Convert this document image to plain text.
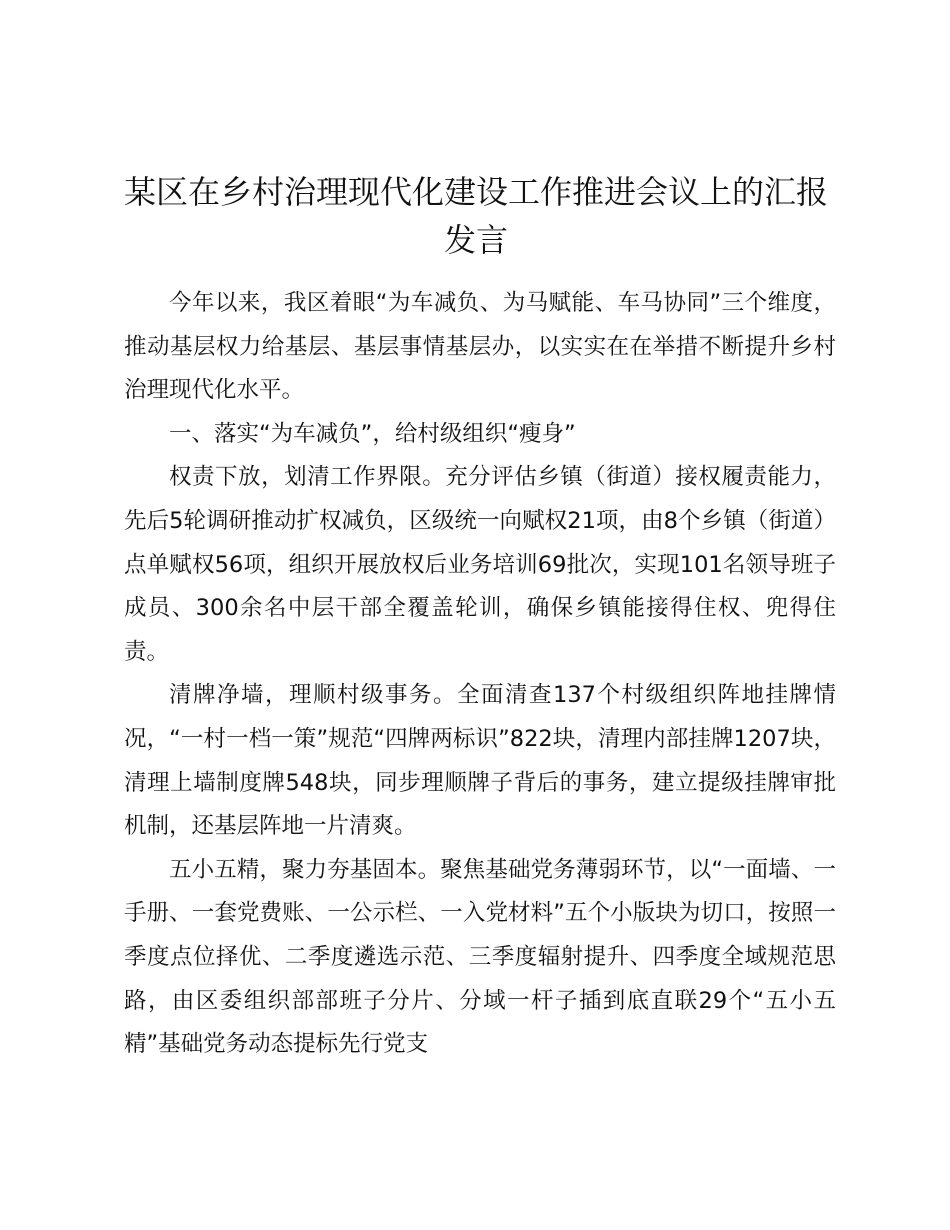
某区在乡村治理现代化建设工作推进会议上的汇报发言

今年以来，我区着眼“为车减负、为马赋能、车马协同”三个维度，推动基层权力给基层、基层事情基层办，以实实在在举措不断提升乡村治理现代化水平。

一、落实“为车减负”，给村级组织“瘦身”

权责下放，划清工作界限。充分评估乡镇（街道）接权履责能力，先后5轮调研推动扩权减负，区级统一向赋权21项，由8个乡镇（街道）点单赋权56项，组织开展放权后业务培训69批次，实现101名领导班子成员、300余名中层干部全覆盖轮训，确保乡镇能接得住权、兜得住责。

清牌净墙，理顺村级事务。全面清查137个村级组织阵地挂牌情况，“一村一档一策”规范“四牌两标识”822块，清理内部挂牌1207块，清理上墙制度牌548块，同步理顺牌子背后的事务，建立提级挂牌审批机制，还基层阵地一片清爽。

五小五精，聚力夯基固本。聚焦基础党务薄弱环节，以“一面墙、一手册、一套党费账、一公示栏、一入党材料”五个小版块为切口，按照一季度点位择优、二季度遴选示范、三季度辐射提升、四季度全域规范思路，由区委组织部部班子分片、分域一杆子插到底直联29个“五小五精”基础党务动态提标先行党支
